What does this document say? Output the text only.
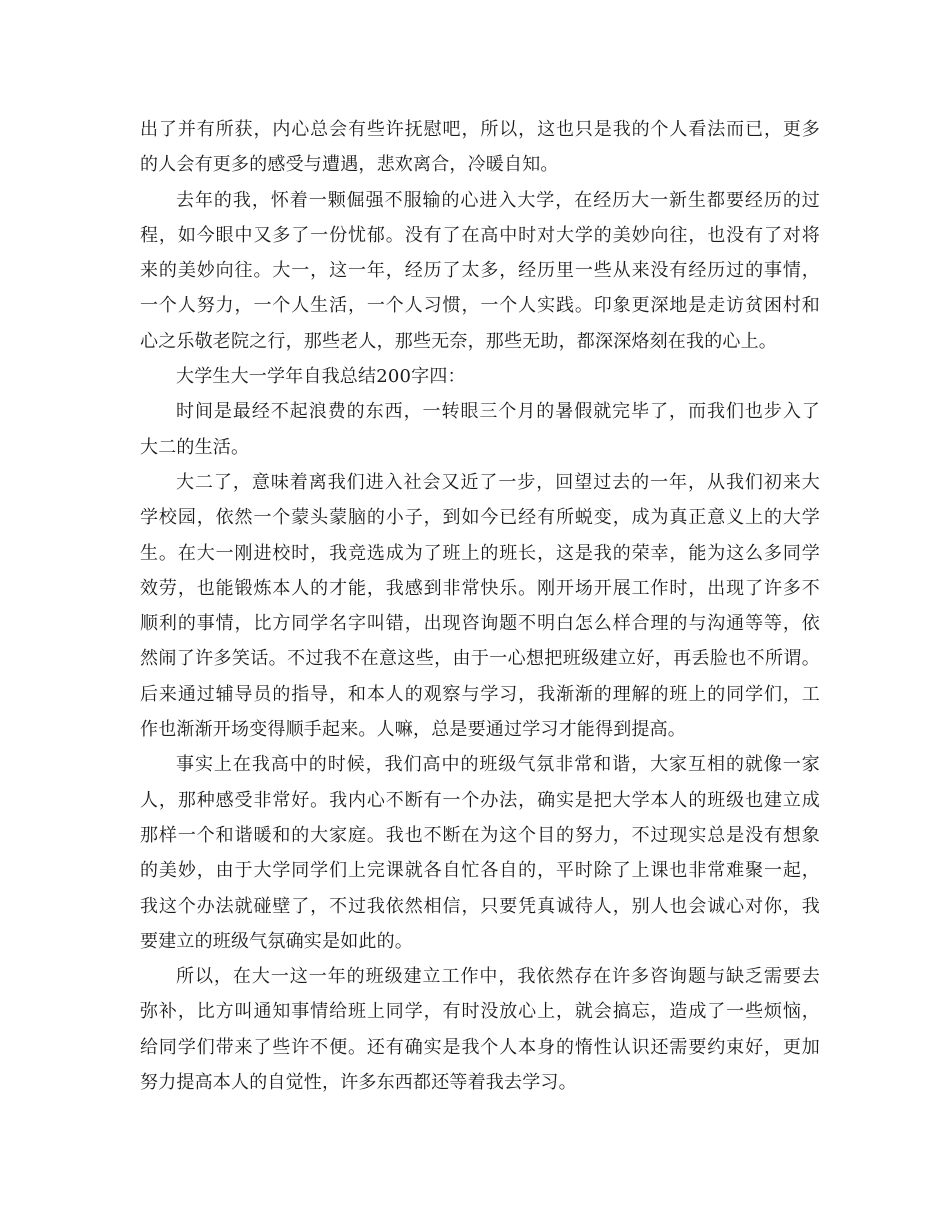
出了并有所获，内心总会有些许抚慰吧，所以，这也只是我的个人看法而已，更多
的人会有更多的感受与遭遇，悲欢离合，冷暖自知。
去年的我，怀着一颗倔强不服输的心进入大学，在经历大一新生都要经历的过
程，如今眼中又多了一份忧郁。没有了在高中时对大学的美妙向往，也没有了对将
来的美妙向往。大一，这一年，经历了太多，经历里一些从来没有经历过的事情，
一个人努力，一个人生活，一个人习惯，一个人实践。印象更深地是走访贫困村和
心之乐敬老院之行，那些老人，那些无奈，那些无助，都深深烙刻在我的心上。
大学生大一学年自我总结200字四：
时间是最经不起浪费的东西，一转眼三个月的暑假就完毕了，而我们也步入了
大二的生活。
大二了，意味着离我们进入社会又近了一步，回望过去的一年，从我们初来大
学校园，依然一个蒙头蒙脑的小子，到如今已经有所蜕变，成为真正意义上的大学
生。在大一刚进校时，我竞选成为了班上的班长，这是我的荣幸，能为这么多同学
效劳，也能锻炼本人的才能，我感到非常快乐。刚开场开展工作时，出现了许多不
顺利的事情，比方同学名字叫错，出现咨询题不明白怎么样合理的与沟通等等，依
然闹了许多笑话。不过我不在意这些，由于一心想把班级建立好，再丢脸也不所谓。
后来通过辅导员的指导，和本人的观察与学习，我渐渐的理解的班上的同学们，工
作也渐渐开场变得顺手起来。人嘛，总是要通过学习才能得到提高。
事实上在我高中的时候，我们高中的班级气氛非常和谐，大家互相的就像一家
人，那种感受非常好。我内心不断有一个办法，确实是把大学本人的班级也建立成
那样一个和谐暖和的大家庭。我也不断在为这个目的努力，不过现实总是没有想象
的美妙，由于大学同学们上完课就各自忙各自的，平时除了上课也非常难聚一起，
我这个办法就碰壁了，不过我依然相信，只要凭真诚待人，别人也会诚心对你，我
要建立的班级气氛确实是如此的。
所以，在大一这一年的班级建立工作中，我依然存在许多咨询题与缺乏需要去
弥补，比方叫通知事情给班上同学，有时没放心上，就会搞忘，造成了一些烦恼，
给同学们带来了些许不便。还有确实是我个人本身的惰性认识还需要约束好，更加
努力提高本人的自觉性，许多东西都还等着我去学习。
